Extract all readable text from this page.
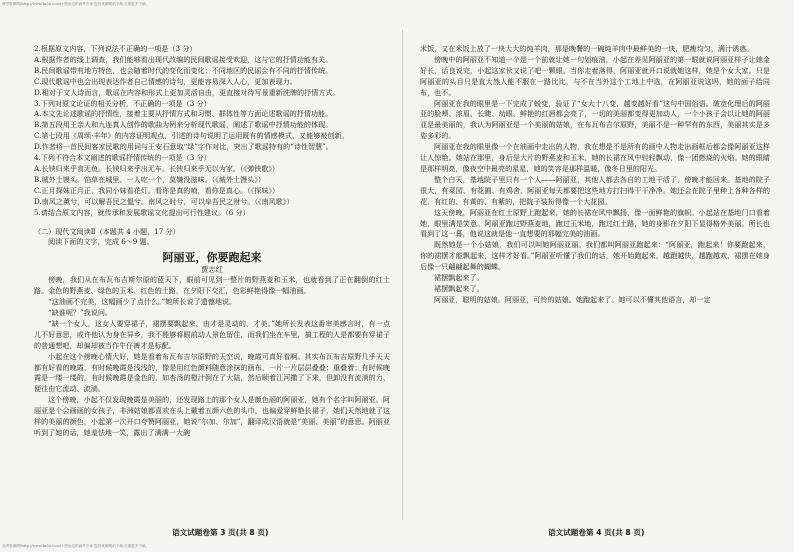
教学资源网(http://www.ks5u.com)+您身边的高考专家 您若来源网站下载,无需更多下载。

2.根据原文内容，下列说法不正确的一项是（3 分）

A.根据作者的线上调查，我们能够看出现代改编的民间歌谣接受欢迎，这与它的抒情功能有关。

B.民间歌谣带有地方特色，也会随着时代的变化而变化；不同地区的民谣会有不同的抒情传统。

C.现代歌谣中也会出现表达作者自己情感的诗句，更能容易深入人心，更加表现力。

D.相对于文人诗而言，歌谣在内容和形式上更加灵活自由，更直接对待写景重新洗牌的抒情方式。

3.下列对原文论证的相关分析，不正确的一项是（3 分）

A.本文先论述歌谣的抒情性，接着主要从抒情方式和习惯、群体性等方面论述歌谣的抒情功能。

B.第五段用王亲人和九连真人创作的歌曲为例来分析现代歌谣，阐述了歌谣中抒情功能的体现。

C.第七段用《周颂·丰年》的内容证明观点，引述的诗句说明了运用既有的情感模式，又能够被创新。

D.作者将一首民间客家民歌的用词与王安石意取“绿”字作对比，突出了歌谣特有的“诗性智慧”。

4.下列不符合本文阐述的歌谣抒情传统的一项是（3 分）

A.长铗归来乎食无鱼。长铗归来乎出无车。长铗归来乎无以为家。（《弹铗歌》）

B.城外土馒头，馅草在城里。一人吃一个，莫嫌没滋味。（《城外土馒头》）

C.正月探妹正月正，我同小妹看花灯。看你是真的唷，看你是真心。（《探妹》）

D.南风之薰兮，可以解吾民之愠兮。南风之时兮，可以阜吾民之财兮。（《南风歌》）

5.请结合原文内容，就传承和发展歌谣文化提出可行性建议。（6 分）

（二）现代文阅读Ⅱ（本题共 4 小题，17 分）

阅读下面的文字，完成 6～9 题。

阿丽亚，你要跑起来

贾志红

傍晚，我们从在布瓦布吉斯尔原的蓝天下，眼前可见到一整片的野燕麦和玉米，也就看到了正在翻倒的红土路。金色的野燕麦、绿色的玉米、红色的土路，在夕阳下交汇，色彩鲜艳得像一幅油画。

“这油画不完美，这幅画少了点什么。”她所长说了遗憾地说。

“缺谁呢？”我说问。

“缺一个女人，这女人要穿裙子，裙摆要飘起来，由才是灵动的，才美。”她所长发表这番审美感言时，有一点儿不好意思，或许他认为身在异乡，我不能够将眼前动人景色留住，而我们坐在车里，搞工程的人是都要有穿裙子的普通想吧，却偏却被当作牛仔裤才是标配。

小起在这个傍晚心情大好，她是看着布瓦布吉尔原野的天空说，晚霞可真好看啊。其实布瓦布吉原野几乎天天都有好看的晚霞，有时候晚霞是浅浅的，像是用红色颜料随意涂抹的画布，一片一片层层叠叠；重叠着；有时候晚霞是一缕一缕的，有时候晚霞是金色的，如杏汤的橙汁倒在了大陆，然后顺着江河撒了下来，但卸没有流淌的力，便往由它流动、流淌。

这个傍晚，小起不仅发现晚霞是美丽的，还发现路上的那个女人是颜色丽的阿丽亚，她有个名字叫阿丽亚。阿丽亚是个会画画的女孩子，非洲姑娘都喜欢在头上戴着五颜六色的头巾，也偏爱穿鲜艳长裙子，她们天然地就了这样的美丽的颜色，小起第一次开口夸赞阿丽亚，她说“尔加、尔加”，翻译成汉语就是“美丽、美丽”的意思。阿丽亚听到了她的话，她羞怯地一笑，露出了满满一大碗

米饭，又在米饭上放了一块大大的炖羊肉，那是晚餐的一碗炖羊肉中最鲜美的一块，肥瘦均匀，满汁诱惑。

傍晚中的阿丽亚不知道一个是一个前就让她一句划痕油，小起在差见阿丽亚的第一眼就说阿丽亚样子让她金好长，话良说完，小起这家伙又说了吧一颗眼。当你走着落得，阿丽亚就开口说就她这样，她是个女大家。只是阿丽亚的头目只是直大然人能不服在一路比比，与不在当外这个工地上中选，在阿丽亚说这吗，她的面子给同布，也不。

阿丽亚在我的眼里是一下完成了蜕变，验证了“女大十八变，越变越好看”这句中国俗语。破宽化理后的阿丽亚的脸颊、浓眉、长睫、幼眼、鲜艳的红唇都会亮了，一切的美丽都变得更加动人，一个小孩子会以让她的阿丽亚是最美丽的，我认为阿丽亚是一个美丽的姑娘，在布瓦布吉尔原野，美丽不是一种罕有的东西，美丽其实是多姿多彩的。

阿丽亚在我的眼里像一个在油画中走出的人物，我在想是不是所有的画中人物走出画框后都会像阿丽亚这样让人惊艳。她站在那里，身后是大片的野燕麦和玉米，她的长裙在风中轻轻飘动，像一团燃烧的火焰。她的眼睛是那样明亮，像夜空中最亮的星星，她的笑容是那样温暖，像冬日里的阳光。

整个白天，基地院子里只有一个人——阿丽亚，其他人都去各自的工地干活了，傍晚才能回来。基地的院子很大，有菜园、有花圃、有鸡舍，阿丽亚每天都要把这些地方打扫得干干净净。她还会在院子里种上各种各样的花，有红的、有黄的、有紫的，把院子装扮得像一个大花园。

这天傍晚，阿丽亚在红土原野上跑起来，她的长裙在风中飘扬，像一面鲜艳的旗帜。小起站在基地门口看着她，眼里满是笑意。阿丽亚跑过野燕麦地，跑过玉米地，跑过红土路，她的身影在夕阳下显得格外美丽。所长也看到了这一幕，他说这就是他一直想要的那幅完美的油画。

既然她是一个小姑娘，我们可以叫她阿丽亚丽。我们都叫阿丽亚跑起来：“阿丽亚，跑起来！你要跑起来，你的裙摆才能飘起来，这样才好看。”阿丽亚听懂了我们的话，她开始跑起来，越跑越快，越跑越欢，裙摆在她身后像一只翩翩起舞的蝴蝶。

裙摆飘起来了。

裙摆飘起来了。

阿丽亚，聪明的姑娘。阿丽亚，可怜的姑娘。她跑起来了。她可以不懂其他语言，却一定

语文试题卷第 3 页(共 8 页)	语文试题卷第 4 页(共 8 页)
高考资源网(http://www.ks5u.com)+您身边的高考专家 您若来源网站下载,无需更多下载。
